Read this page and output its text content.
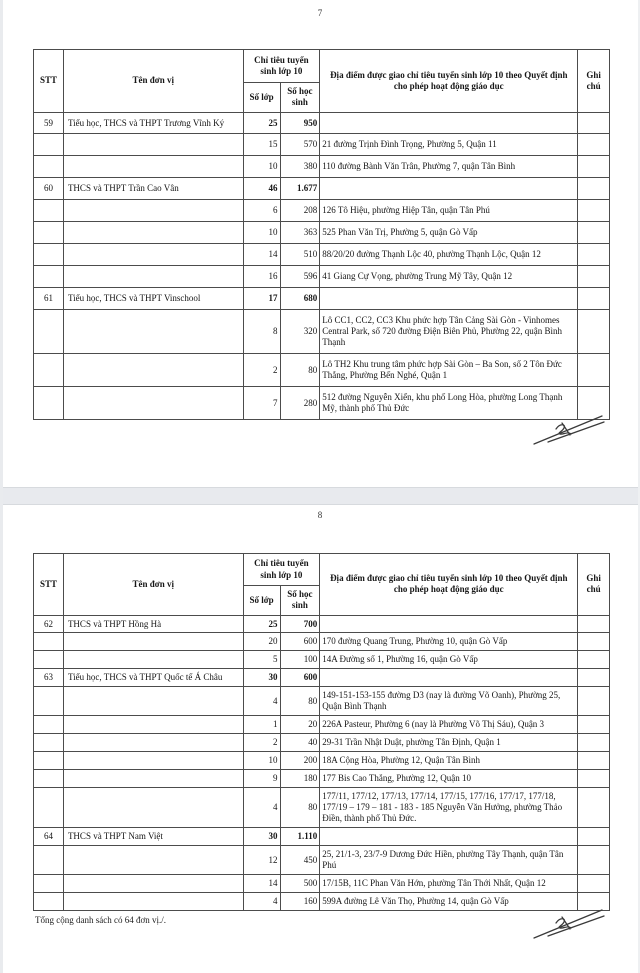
7
STT	Tên đơn vị	Chỉ tiêu tuyển sinh lớp 10		Địa điểm được giao chỉ tiêu tuyển sinh lớp 10 theo Quyết định cho phép hoạt động giáo dục	Ghi chú
		Số lớp	Số học sinh		
59	Tiểu học, THCS và THPT Trương Vĩnh Ký	25	950		
		15	570	21 đường Trịnh Đình Trọng, Phường 5, Quận 11	
		10	380	110 đường Bành Văn Trân, Phường 7, quận Tân Bình	
60	THCS và THPT Trần Cao Vân	46	1.677		
		6	208	126 Tô Hiệu, phường Hiệp Tân, quận Tân Phú	
		10	363	525 Phan Văn Trị, Phường 5, quận Gò Vấp	
		14	510	88/20/20 đường Thạnh Lộc 40, phường Thạnh Lộc, Quận 12	
		16	596	41 Giang Cự Vọng, phường Trung Mỹ Tây, Quận 12	
61	Tiểu học, THCS và THPT Vinschool	17	680		
		8	320	Lô CC1, CC2, CC3 Khu phức hợp Tân Cảng Sài Gòn - Vinhomes Central Park, số 720 đường Điện Biên Phủ, Phường 22, quận Bình Thạnh	
		2	80	Lô TH2 Khu trung tâm phức hợp Sài Gòn – Ba Son, số 2 Tôn Đức Thắng, Phường Bến Nghé, Quận 1	
		7	280	512 đường Nguyễn Xiển, khu phố Long Hòa, phường Long Thạnh Mỹ, thành phố Thủ Đức	
8
STT	Tên đơn vị	Chỉ tiêu tuyển sinh lớp 10		Địa điểm được giao chỉ tiêu tuyển sinh lớp 10 theo Quyết định cho phép hoạt động giáo dục	Ghi chú
		Số lớp	Số học sinh		
62	THCS và THPT Hồng Hà	25	700		
		20	600	170 đường Quang Trung, Phường 10, quận Gò Vấp	
		5	100	14A Đường số 1, Phường 16, quận Gò Vấp	
63	Tiểu học, THCS và THPT Quốc tế Á Châu	30	600		
		4	80	149-151-153-155 đường D3 (nay là đường Võ Oanh), Phường 25, Quận Bình Thạnh	
		1	20	226A Pasteur, Phường 6 (nay là Phường Võ Thị Sáu), Quận 3	
		2	40	29-31 Trần Nhật Duật, phường Tân Định, Quận 1	
		10	200	18A Cộng Hòa, Phường 12, Quận Tân Bình	
		9	180	177 Bis Cao Thắng, Phường 12, Quận 10	
		4	80	177/11, 177/12, 177/13, 177/14, 177/15, 177/16, 177/17, 177/18, 177/19 – 179 – 181 - 183 - 185 Nguyễn Văn Hưởng, phường Thảo Điền, thành phố Thủ Đức.	
64	THCS và THPT Nam Việt	30	1.110		
		12	450	25, 21/1-3, 23/7-9 Dương Đức Hiền, phường Tây Thạnh, quận Tân Phú	
		14	500	17/15B, 11C Phan Văn Hớn, phường Tân Thới Nhất, Quận 12	
		4	160	599A đường Lê Văn Thọ, Phường 14, quận Gò Vấp	
Tổng cộng danh sách có 64 đơn vị./.
